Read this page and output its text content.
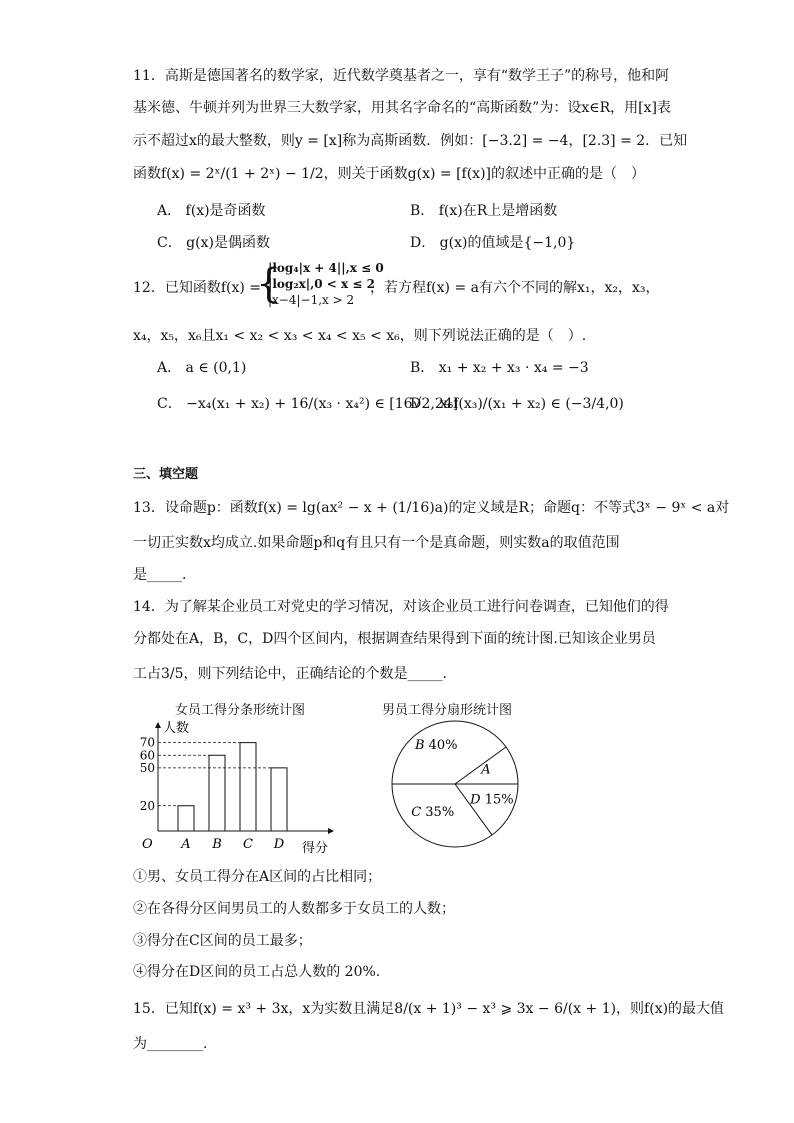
11．高斯是德国著名的数学家，近代数学奠基者之一，享有“数学王子”的称号，他和阿
基米德、牛顿并列为世界三大数学家，用其名字命名的“高斯函数”为：设x∈R，用[x]表
示不超过x的最大整数，则y = [x]称为高斯函数．例如：[−3.2] = −4，[2.3] = 2．已知
函数f(x) = 2ˣ/(1 + 2ˣ) − 1/2，则关于函数g(x) = [f(x)]的叙述中正确的是（　）
A． f(x)是奇函数	B． f(x)在R上是增函数
C． g(x)是偶函数	D． g(x)的值域是{−1,0}
12．已知函数f(x) =
{
|log₄|x + 4||,x ≤ 0
|log₂x|,0 < x ≤ 2
|x−4|−1,x > 2
，若方程f(x) = a有六个不同的解x₁，x₂，x₃，
x₄，x₅，x₆且x₁ < x₂ < x₃ < x₄ < x₅ < x₆，则下列说法正确的是（　）.
A． a ∈ (0,1)	B． x₁ + x₂ + x₃ · x₄ = −3
C． −x₄(x₁ + x₂) + 16/(x₃ · x₄²) ∈ [16√2,24]
D． x₆f(x₃)/(x₁ + x₂) ∈ (−3/4,0)
三、填空题
13．设命题p：函数f(x) = lg(ax² − x + (1/16)a)的定义域是R；命题q：不等式3ˣ − 9ˣ < a对
一切正实数x均成立.如果命题p和q有且只有一个是真命题，则实数a的取值范围
是_____.
14．为了解某企业员工对党史的学习情况，对该企业员工进行问卷调查，已知他们的得
分都处在A，B，C，D四个区间内，根据调查结果得到下面的统计图.已知该企业男员
工占3/5，则下列结论中，正确结论的个数是_____.
女员工得分条形统计图	男员工得分扇形统计图
人数
得分
O
20
50
60
70
A B C D
B 40%
A
D 15%
C 35%
①男、女员工得分在A区间的占比相同；
②在各得分区间男员工的人数都多于女员工的人数；
③得分在C区间的员工最多；
④得分在D区间的员工占总人数的 20%.
15．已知f(x) = x³ + 3x，x为实数且满足8/(x + 1)³ − x³ ⩾ 3x − 6/(x + 1)，则f(x)的最大值
为________.
